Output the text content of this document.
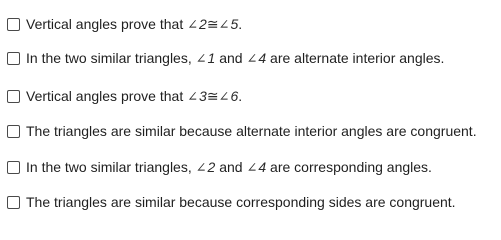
Vertical angles prove that ∠2≅∠5.
In the two similar triangles, ∠1 and ∠4 are alternate interior angles.
Vertical angles prove that ∠3≅∠6.
The triangles are similar because alternate interior angles are congruent.
In the two similar triangles, ∠2 and ∠4 are corresponding angles.
The triangles are similar because corresponding sides are congruent.
